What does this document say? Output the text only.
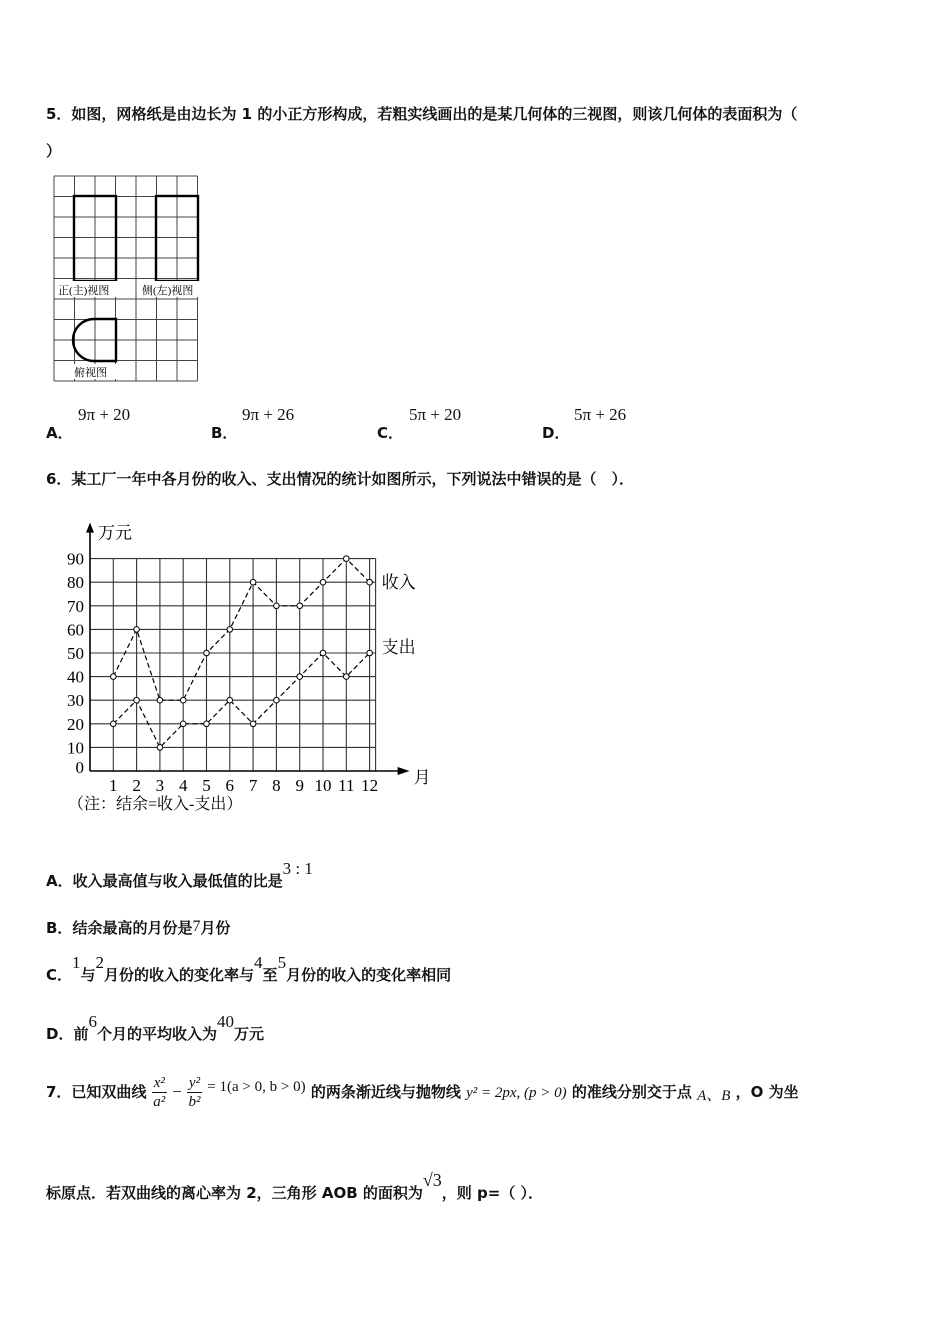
5．如图，网格纸是由边长为 1 的小正方形构成，若粗实线画出的是某几何体的三视图，则该几何体的表面积为（
）
正(主)视图	侧(左)视图
俯视图
A．
9π + 20
B．
9π + 26
C．
5π + 20
D．
5π + 26
6．某工厂一年中各月份的收入、支出情况的统计如图所示，下列说法中错误的是（　）．
0
10
20
30
40
50
60
70
80
90
1 2 3 4 5 6 7 8 9 10 11 12
万元
月
收入
支出
（注：结余=收入-支出）
A．收入最高值与收入最低值的比是3 : 1
B．结余最高的月份是7月份
C．1与2月份的收入的变化率与4至5月份的收入的变化率相同
D．前6个月的平均收入为40万元
7．已知双曲线 $\frac{\text{x²}}{\text{a²}} - \frac{\text{y²}}{\text{b²}} = 1(a > 0$, b > 0) 的两条渐近线与抛物线 y² = 2px, (p > 0) 的准线分别交于点 A、B ，O 为坐
标原点．若双曲线的离心率为 2，三角形 AOB 的面积为√3，则 p=（ ）．
